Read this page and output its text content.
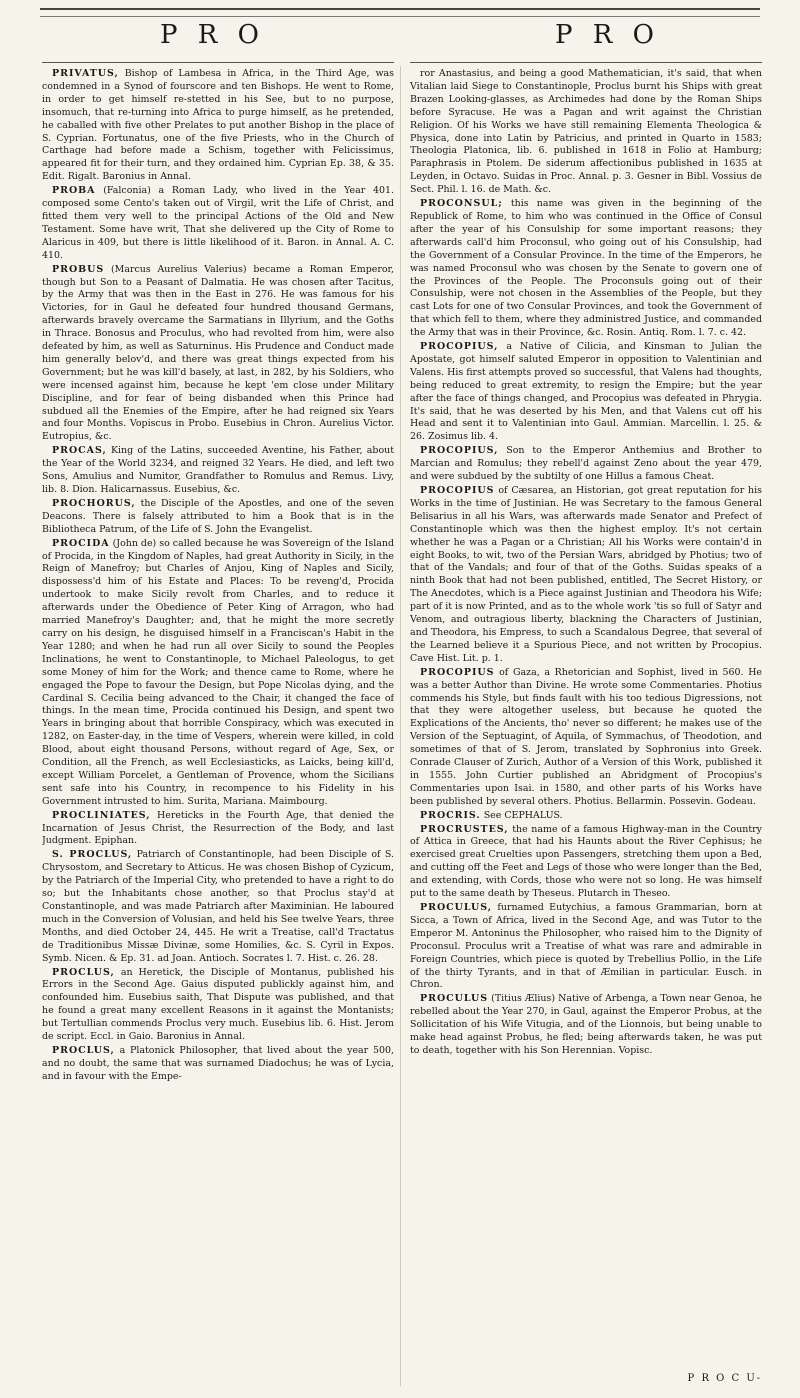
P R O	P R O

PRIVATUS, Bishop of Lambesa in Africa, in the Third Age, was condemned in a Synod of fourscore and ten Bishops. He went to Rome, in order to get himself re-stetted in his See, but to no purpose, insomuch, that re-turning into Africa to purge himself, as he pretended, he caballed with five other Prelates to put another Bishop in the place of S. Cyprian. Fortunatus, one of the five Priests, who in the Church of Carthage had before made a Schism, together with Felicissimus, appeared fit for their turn, and they ordained him. Cyprian Ep. 38, & 35. Edit. Rigalt. Baronius in Annal.

PROBA (Falconia) a Roman Lady, who lived in the Year 401. composed some Cento's taken out of Virgil, writ the Life of Christ, and fitted them very well to the principal Actions of the Old and New Testament. Some have writ, That she delivered up the City of Rome to Alaricus in 409, but there is little likelihood of it. Baron. in Annal. A. C. 410.

PROBUS (Marcus Aurelius Valerius) became a Roman Emperor, though but Son to a Peasant of Dalmatia. He was chosen after Tacitus, by the Army that was then in the East in 276. He was famous for his Victories, for in Gaul he defeated four hundred thousand Germans, afterwards bravely overcame the Sarmatians in Illyrium, and the Goths in Thrace. Bonosus and Proculus, who had revolted from him, were also defeated by him, as well as Saturninus. His Prudence and Conduct made him generally belov'd, and there was great things expected from his Government; but he was kill'd basely, at last, in 282, by his Soldiers, who were incensed against him, because he kept 'em close under Military Discipline, and for fear of being disbanded when this Prince had subdued all the Enemies of the Empire, after he had reigned six Years and four Months. Vopiscus in Probo. Eusebius in Chron. Aurelius Victor. Eutropius, &c.

PROCAS, King of the Latins, succeeded Aventine, his Father, about the Year of the World 3234, and reigned 32 Years. He died, and left two Sons, Amulius and Numitor, Grandfather to Romulus and Remus. Livy, lib. 8. Dion. Halicarnassus. Eusebius, &c.

PROCHORUS, the Disciple of the Apostles, and one of the seven Deacons. There is falsely attributed to him a Book that is in the Bibliotheca Patrum, of the Life of S. John the Evangelist.

PROCIDA (John de) so called because he was Sovereign of the Island of Procida, in the Kingdom of Naples, had great Authority in Sicily, in the Reign of Manefroy; but Charles of Anjou, King of Naples and Sicily, dispossess'd him of his Estate and Places: To be reveng'd, Procida undertook to make Sicily revolt from Charles, and to reduce it afterwards under the Obedience of Peter King of Arragon, who had married Manefroy's Daughter; and, that he might the more secretly carry on his design, he disguised himself in a Franciscan's Habit in the Year 1280; and when he had run all over Sicily to sound the Peoples Inclinations, he went to Constantinople, to Michael Paleologus, to get some Money of him for the Work; and thence came to Rome, where he engaged the Pope to favour the Design, but Pope Nicolas dying, and the Cardinal S. Cecilia being advanced to the Chair, it changed the face of things. In the mean time, Procida continued his Design, and spent two Years in bringing about that horrible Conspiracy, which was executed in 1282, on Easter-day, in the time of Vespers, wherein were killed, in cold Blood, about eight thousand Persons, without regard of Age, Sex, or Condition, all the French, as well Ecclesiasticks, as Laicks, being kill'd, except William Porcelet, a Gentleman of Provence, whom the Sicilians sent safe into his Country, in recompence to his Fidelity in his Government intrusted to him. Surita, Mariana. Maimbourg.

PROCLINIATES, Hereticks in the Fourth Age, that denied the Incarnation of Jesus Christ, the Resurrection of the Body, and last Judgment. Epiphan.

S. PROCLUS, Patriarch of Constantinople, had been Disciple of S. Chrysostom, and Secretary to Atticus. He was chosen Bishop of Cyzicum, by the Patriarch of the Imperial City, who pretended to have a right to do so; but the Inhabitants chose another, so that Proclus stay'd at Constantinople, and was made Patriarch after Maximinian. He laboured much in the Conversion of Volusian, and held his See twelve Years, three Months, and died October 24, 445. He writ a Treatise, call'd Tractatus de Traditionibus Missæ Divinæ, some Homilies, &c. S. Cyril in Expos. Symb. Nicen. & Ep. 31. ad Joan. Antioch. Socrates l. 7. Hist. c. 26. 28.

PROCLUS, an Heretick, the Disciple of Montanus, published his Errors in the Second Age. Gaius disputed publickly against him, and confounded him. Eusebius saith, That Dispute was published, and that he found a great many excellent Reasons in it against the Montanists; but Tertullian commends Proclus very much. Eusebius lib. 6. Hist. Jerom de script. Eccl. in Gaio. Baronius in Annal.

PROCLUS, a Platonick Philosopher, that lived about the year 500, and no doubt, the same that was surnamed Diadochus; he was of Lycia, and in favour with the Empe-

ror Anastasius, and being a good Mathematician, it's said, that when Vitalian laid Siege to Constantinople, Proclus burnt his Ships with great Brazen Looking-glasses, as Archimedes had done by the Roman Ships before Syracuse. He was a Pagan and writ against the Christian Religion. Of his Works we have still remaining Elementa Theologica & Physica, done into Latin by Patricius, and printed in Quarto in 1583; Theologia Platonica, lib. 6. published in 1618 in Folio at Hamburg; Paraphrasis in Ptolem. De siderum affectionibus published in 1635 at Leyden, in Octavo. Suidas in Proc. Annal. p. 3. Gesner in Bibl. Vossius de Sect. Phil. l. 16. de Math. &c.

PROCONSUL; this name was given in the beginning of the Republick of Rome, to him who was continued in the Office of Consul after the year of his Consulship for some important reasons; they afterwards call'd him Proconsul, who going out of his Consulship, had the Government of a Consular Province. In the time of the Emperors, he was named Proconsul who was chosen by the Senate to govern one of the Provinces of the People. The Proconsuls going out of their Consulship, were not chosen in the Assemblies of the People, but they cast Lots for one of two Consular Provinces, and took the Government of that which fell to them, where they administred Justice, and commanded the Army that was in their Province, &c. Rosin. Antiq. Rom. l. 7. c. 42.

PROCOPIUS, a Native of Cilicia, and Kinsman to Julian the Apostate, got himself saluted Emperor in opposition to Valentinian and Valens. His first attempts proved so successful, that Valens had thoughts, being reduced to great extremity, to resign the Empire; but the year after the face of things changed, and Procopius was defeated in Phrygia. It's said, that he was deserted by his Men, and that Valens cut off his Head and sent it to Valentinian into Gaul. Ammian. Marcellin. l. 25. & 26. Zosimus lib. 4.

PROCOPIUS, Son to the Emperor Anthemius and Brother to Marcian and Romulus; they rebell'd against Zeno about the year 479, and were subdued by the subtilty of one Hillus a famous Cheat.

PROCOPIUS of Cæsarea, an Historian, got great reputation for his Works in the time of Justinian. He was Secretary to the famous General Belisarius in all his Wars, was afterwards made Senator and Prefect of Constantinople which was then the highest employ. It's not certain whether he was a Pagan or a Christian; All his Works were contain'd in eight Books, to wit, two of the Persian Wars, abridged by Photius; two of that of the Vandals; and four of that of the Goths. Suidas speaks of a ninth Book that had not been published, entitled, The Secret History, or The Anecdotes, which is a Piece against Justinian and Theodora his Wife; part of it is now Printed, and as to the whole work 'tis so full of Satyr and Venom, and outragious liberty, blackning the Characters of Justinian, and Theodora, his Empress, to such a Scandalous Degree, that several of the Learned believe it a Spurious Piece, and not written by Procopius. Cave Hist. Lit. p. 1.

PROCOPIUS of Gaza, a Rhetorician and Sophist, lived in 560. He was a better Author than Divine. He wrote some Commentaries. Photius commends his Style, but finds fault with his too tedious Digressions, not that they were altogether useless, but because he quoted the Explications of the Ancients, tho' never so different; he makes use of the Version of the Septuagint, of Aquila, of Symmachus, of Theodotion, and sometimes of that of S. Jerom, translated by Sophronius into Greek. Conrade Clauser of Zurich, Author of a Version of this Work, published it in 1555. John Curtier published an Abridgment of Procopius's Commentaries upon Isai. in 1580, and other parts of his Works have been published by several others. Photius. Bellarmin. Possevin. Godeau.

PROCRIS. See CEPHALUS.

PROCRUSTES, the name of a famous Highway-man in the Country of Attica in Greece, that had his Haunts about the River Cephisus; he exercised great Cruelties upon Passengers, stretching them upon a Bed, and cutting off the Feet and Legs of those who were longer than the Bed, and extending, with Cords, those who were not so long. He was himself put to the same death by Theseus. Plutarch in Theseo.

PROCULUS, furnamed Eutychius, a famous Grammarian, born at Sicca, a Town of Africa, lived in the Second Age, and was Tutor to the Emperor M. Antoninus the Philosopher, who raised him to the Dignity of Proconsul. Proculus writ a Treatise of what was rare and admirable in Foreign Countries, which piece is quoted by Trebellius Pollio, in the Life of the thirty Tyrants, and in that of Æmilian in particular. Eusch. in Chron.

PROCULUS (Titius Ælius) Native of Arbenga, a Town near Genoa, he rebelled about the Year 270, in Gaul, against the Emperor Probus, at the Sollicitation of his Wife Vitugia, and of the Lionnois, but being unable to make head against Probus, he fled; being afterwards taken, he was put to death, together with his Son Herennian. Vopisc.

P R O C U-
